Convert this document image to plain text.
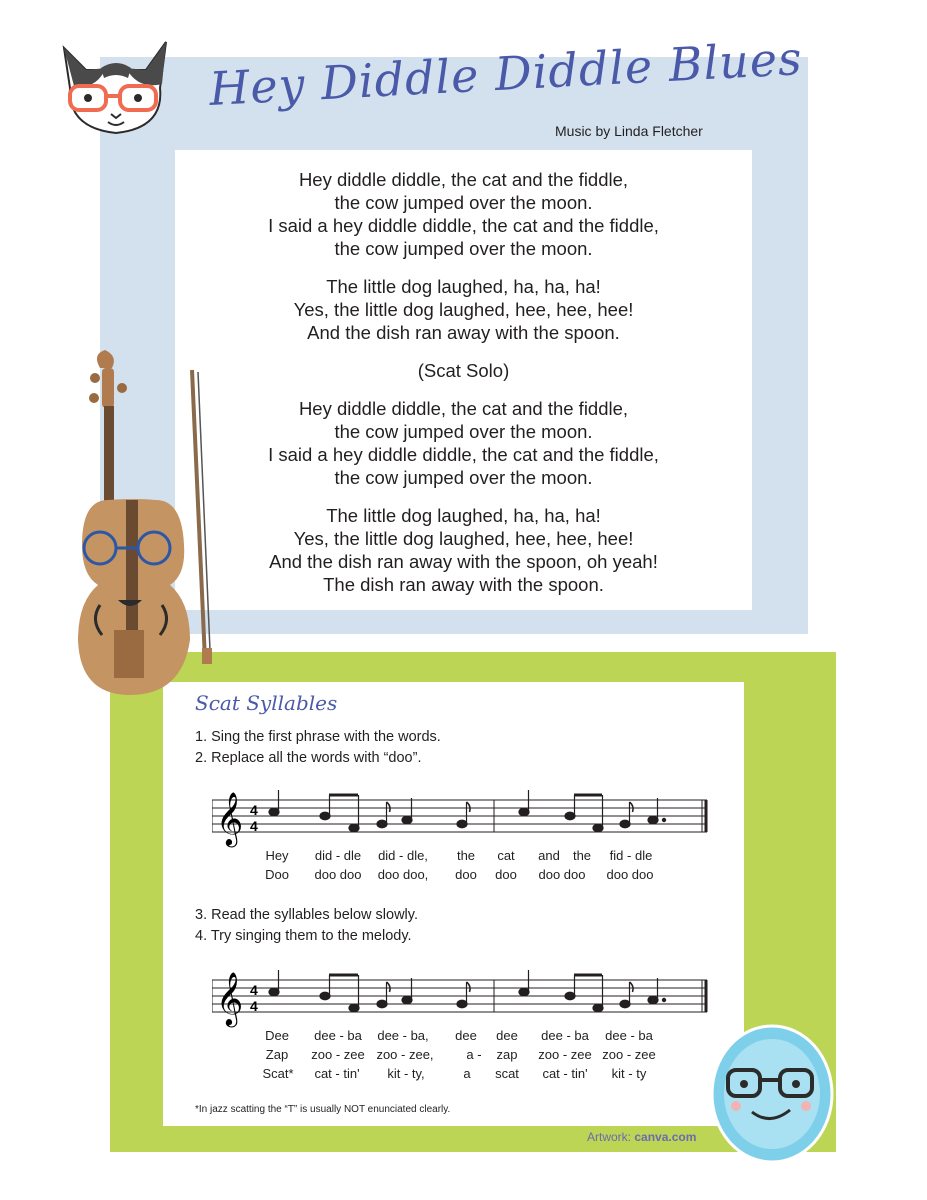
Hey Diddle Diddle Blues

Music by Linda Fletcher

Hey diddle diddle, the cat and the fiddle,
the cow jumped over the moon.
I said a hey diddle diddle, the cat and the fiddle,
the cow jumped over the moon.

The little dog laughed, ha, ha, ha!
Yes, the little dog laughed, hee, hee, hee!
And the dish ran away with the spoon.

(Scat Solo)

Hey diddle diddle, the cat and the fiddle,
the cow jumped over the moon.
I said a hey diddle diddle, the cat and the fiddle,
the cow jumped over the moon.

The little dog laughed, ha, ha, ha!
Yes, the little dog laughed, hee, hee, hee!
And the dish ran away with the spoon, oh yeah!
The dish ran away with the spoon.

Scat Syllables

1. Sing the first phrase with the words.

2. Replace all the words with “doo”.

𝄞 4
4
Hey did - dle did - dle, the cat and the fid - dle
Doo doo doo doo doo, doo doo doo doo doo doo

3. Read the syllables below slowly.

4. Try singing them to the melody.

𝄞 4
4
Dee dee - ba dee - ba, dee dee dee - ba dee - ba
Zap zoo - zee zoo - zee,	a - zap zoo - zee zoo - zee
Scat* cat - tin' kit - ty,	a scat cat - tin' kit - ty

*In jazz scatting the “T” is usually NOT enunciated clearly.

Artwork: canva.com
